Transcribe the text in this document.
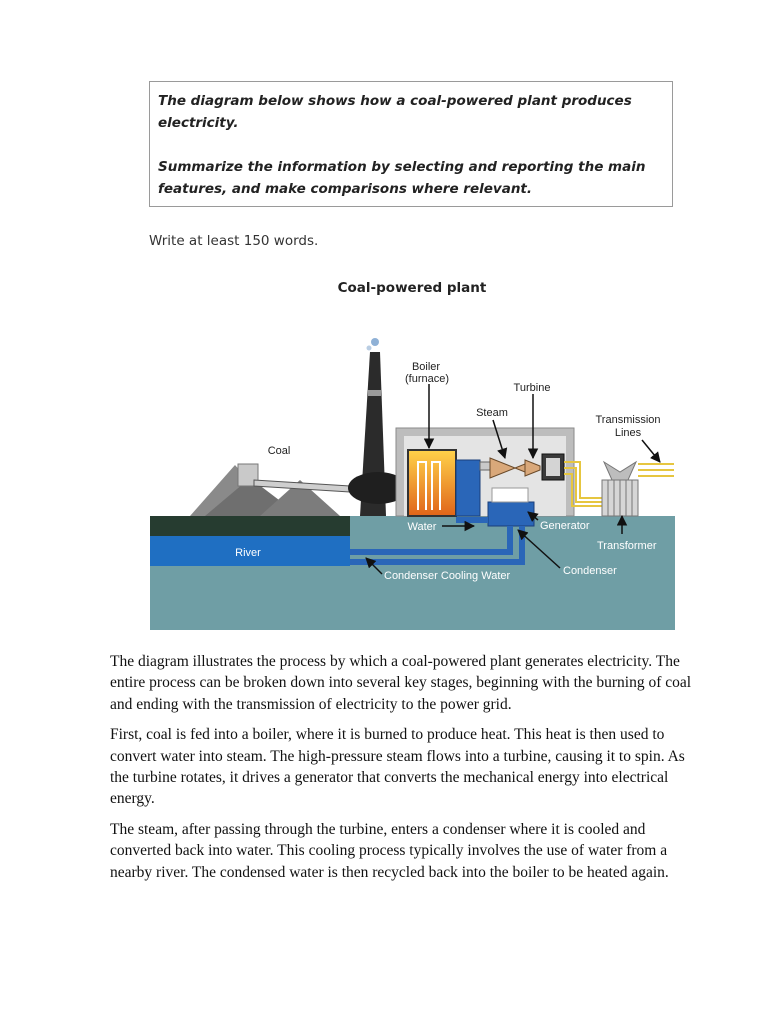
The diagram below shows how a coal-powered plant produces electricity.

Summarize the information by selecting and reporting the main features, and make comparisons where relevant.

Write at least 150 words.
Coal-powered plant
Boiler
(furnace)
Turbine
Steam
Transmission
Lines
Coal
Water	Generator
River
Transformer
Condenser Cooling Water	Condenser

The diagram illustrates the process by which a coal-powered plant generates electricity. The entire process can be broken down into several key stages, beginning with the burning of coal and ending with the transmission of electricity to the power grid.

First, coal is fed into a boiler, where it is burned to produce heat. This heat is then used to convert water into steam. The high-pressure steam flows into a turbine, causing it to spin. As the turbine rotates, it drives a generator that converts the mechanical energy into electrical energy.

The steam, after passing through the turbine, enters a condenser where it is cooled and converted back into water. This cooling process typically involves the use of water from a nearby river. The condensed water is then recycled back into the boiler to be heated again.
